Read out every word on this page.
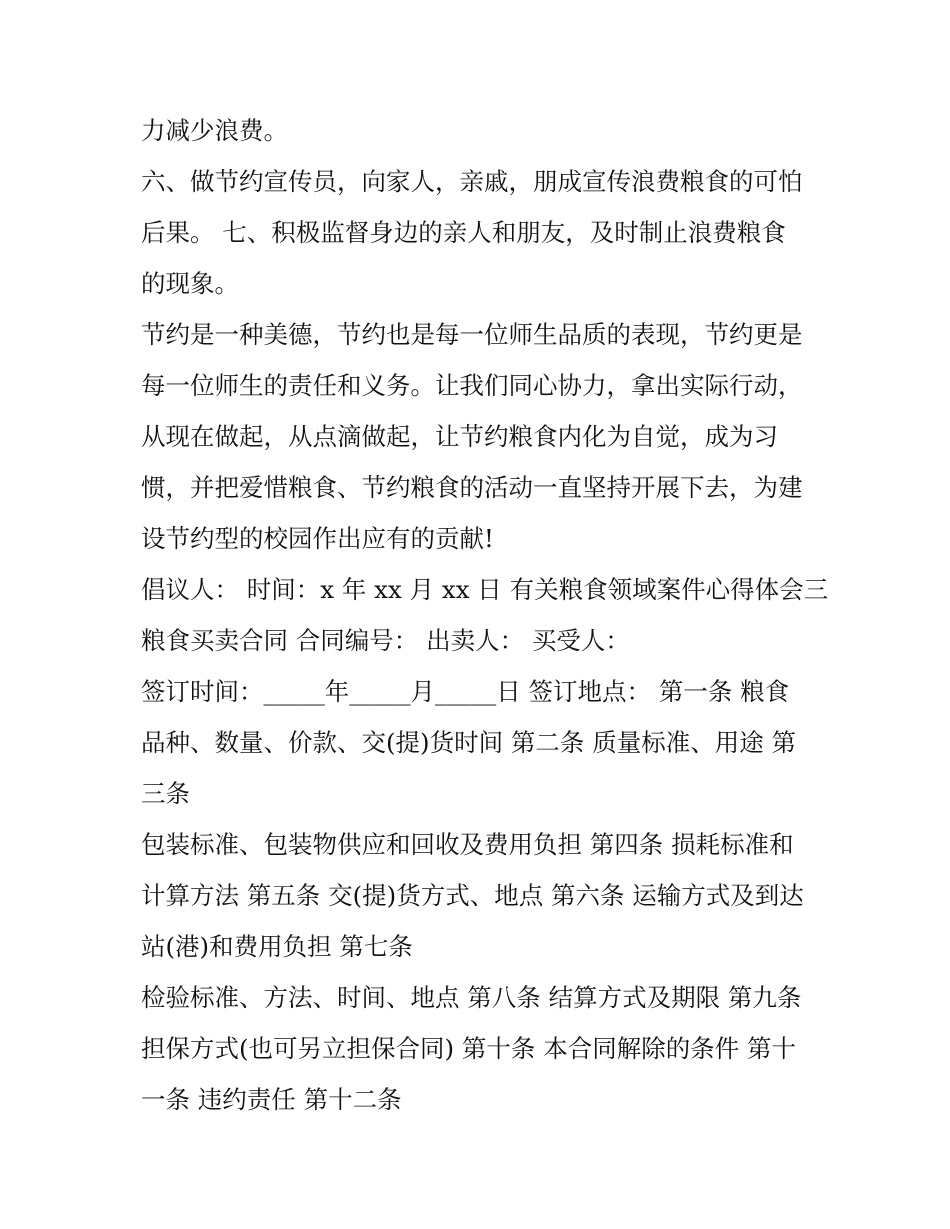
力减少浪费。
六、做节约宣传员，向家人，亲戚，朋成宣传浪费粮食的可怕
后果。 七、积极监督身边的亲人和朋友，及时制止浪费粮食
的现象。
节约是一种美德，节约也是每一位师生品质的表现，节约更是
每一位师生的责任和义务。让我们同心协力，拿出实际行动，
从现在做起，从点滴做起，让节约粮食内化为自觉，成为习
惯，并把爱惜粮食、节约粮食的活动一直坚持开展下去，为建
设节约型的校园作出应有的贡献!
倡议人： 时间：x 年 xx 月 xx 日 有关粮食领域案件心得体会三
粮食买卖合同 合同编号： 出卖人： 买受人：
签订时间：_____年_____月_____日 签订地点： 第一条 粮食
品种、数量、价款、交(提)货时间 第二条 质量标准、用途 第
三条
包装标准、包装物供应和回收及费用负担 第四条 损耗标准和
计算方法 第五条 交(提)货方式、地点 第六条 运输方式及到达
站(港)和费用负担 第七条
检验标准、方法、时间、地点 第八条 结算方式及期限 第九条
担保方式(也可另立担保合同) 第十条 本合同解除的条件 第十
一条 违约责任 第十二条
